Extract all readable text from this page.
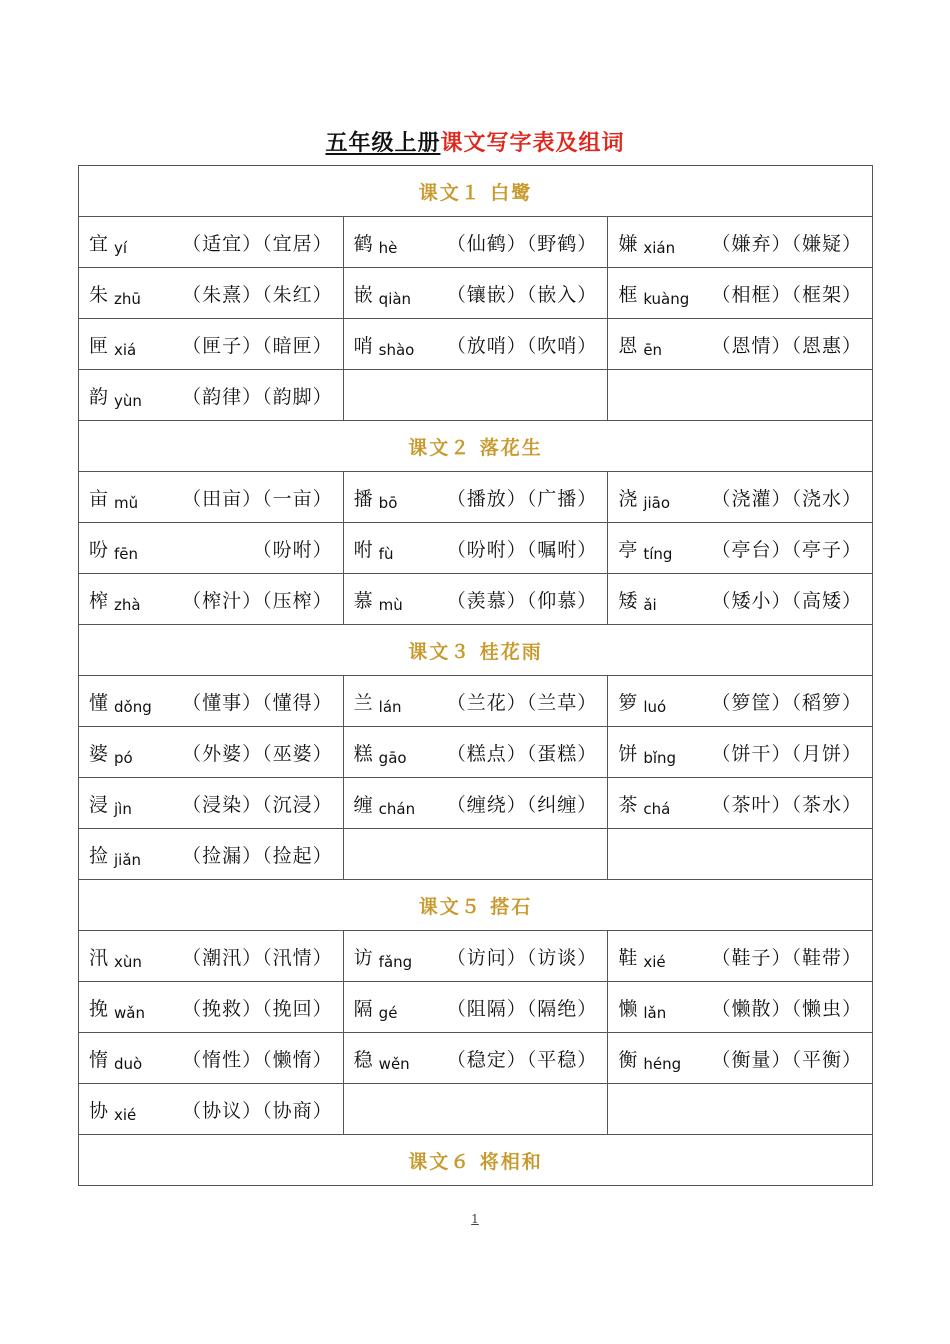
五年级上册课文写字表及组词
课文１ 白鹭		

宜 yí （适宜）（宜居）	鹤 hè （仙鹤）（野鹤）	嫌 xián （嫌弃）（嫌疑）

朱 zhū （朱熹）（朱红）	嵌 qiàn （镶嵌）（嵌入）	框 kuàng （相框）（框架）

匣 xiá （匣子）（暗匣）	哨 shào （放哨）（吹哨）	恩 ēn （恩情）（恩惠）

韵 yùn （韵律）（韵脚）		

课文２ 落花生		

亩 mǔ （田亩）（一亩）	播 bō （播放）（广播）	浇 jiāo （浇灌）（浇水）

吩 fēn （吩咐）	咐 fù （吩咐）（嘱咐）	亭 tíng （亭台）（亭子）

榨 zhà （榨汁）（压榨）	慕 mù （羡慕）（仰慕）	矮 ǎi （矮小）（高矮）

课文３ 桂花雨		

懂 dǒng （懂事）（懂得）	兰 lán （兰花）（兰草）	箩 luó （箩筐）（稻箩）

婆 pó （外婆）（巫婆）	糕 gāo （糕点）（蛋糕）	饼 bǐng （饼干）（月饼）

浸 jìn （浸染）（沉浸）	缠 chán （缠绕）（纠缠）	茶 chá （茶叶）（茶水）

捡 jiǎn （捡漏）（捡起）		

课文５ 搭石		

汛 xùn （潮汛）（汛情）	访 fǎng （访问）（访谈）	鞋 xié （鞋子）（鞋带）

挽 wǎn （挽救）（挽回）	隔 gé （阻隔）（隔绝）	懒 lǎn （懒散）（懒虫）

惰 duò （惰性）（懒惰）	稳 wěn （稳定）（平稳）	衡 héng （衡量）（平衡）

协 xié （协议）（协商）		

课文６ 将相和		
1
